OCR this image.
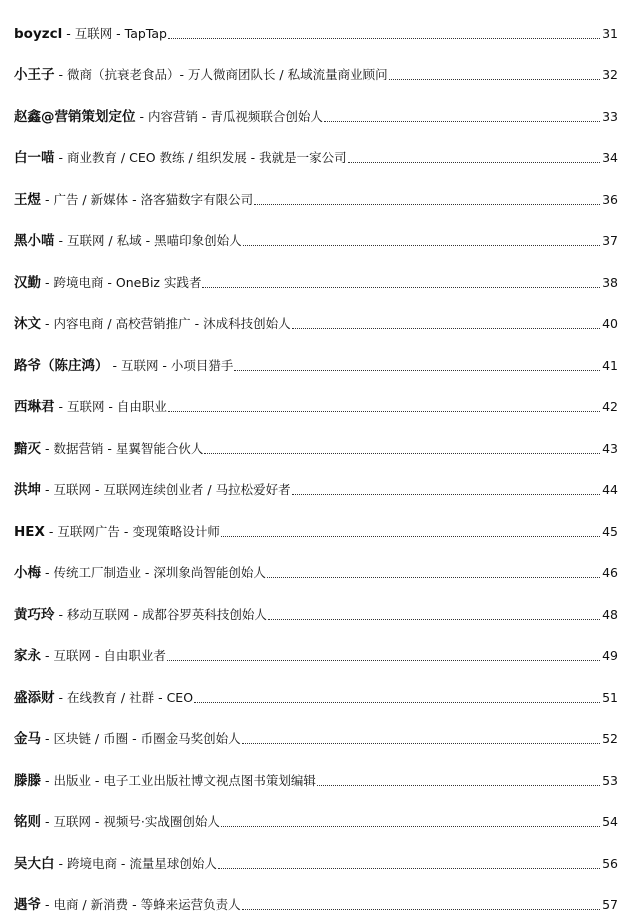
boyzcl - 互联网 - TapTap	31
小王子 - 微商（抗衰老食品）- 万人微商团队长 / 私域流量商业顾问	32
赵鑫@营销策划定位 - 内容营销 - 青瓜视频联合创始人	33
白一喵 - 商业教育 / CEO 教练 / 组织发展 - 我就是一家公司	34
王煜 - 广告 / 新媒体 - 洛客猫数字有限公司	36
黑小喵 - 互联网 / 私域 - 黑喵印象创始人	37
汉勤 - 跨境电商 - OneBiz 实践者	38
沐文 - 内容电商 / 高校营销推广 - 沐成科技创始人	40
路爷（陈庄鸿） - 互联网 - 小项目猎手	41
西琳君 - 互联网 - 自由职业	42
黯灭 - 数据营销 - 星翼智能合伙人	43
洪坤 - 互联网 - 互联网连续创业者 / 马拉松爱好者	44
HEX - 互联网广告 - 变现策略设计师	45
小梅 - 传统工厂制造业 - 深圳象尚智能创始人	46
黄巧玲 - 移动互联网 - 成都谷罗英科技创始人	48
家永 - 互联网 - 自由职业者	49
盛添财 - 在线教育 / 社群 - CEO	51
金马 - 区块链 / 币圈 - 币圈金马奖创始人	52
滕滕 - 出版业 - 电子工业出版社博文视点图书策划编辑	53
铭则 - 互联网 - 视频号·实战圈创始人	54
吴大白 - 跨境电商 - 流量星球创始人	56
遇爷 - 电商 / 新消费 - 等蜂来运营负责人	57
